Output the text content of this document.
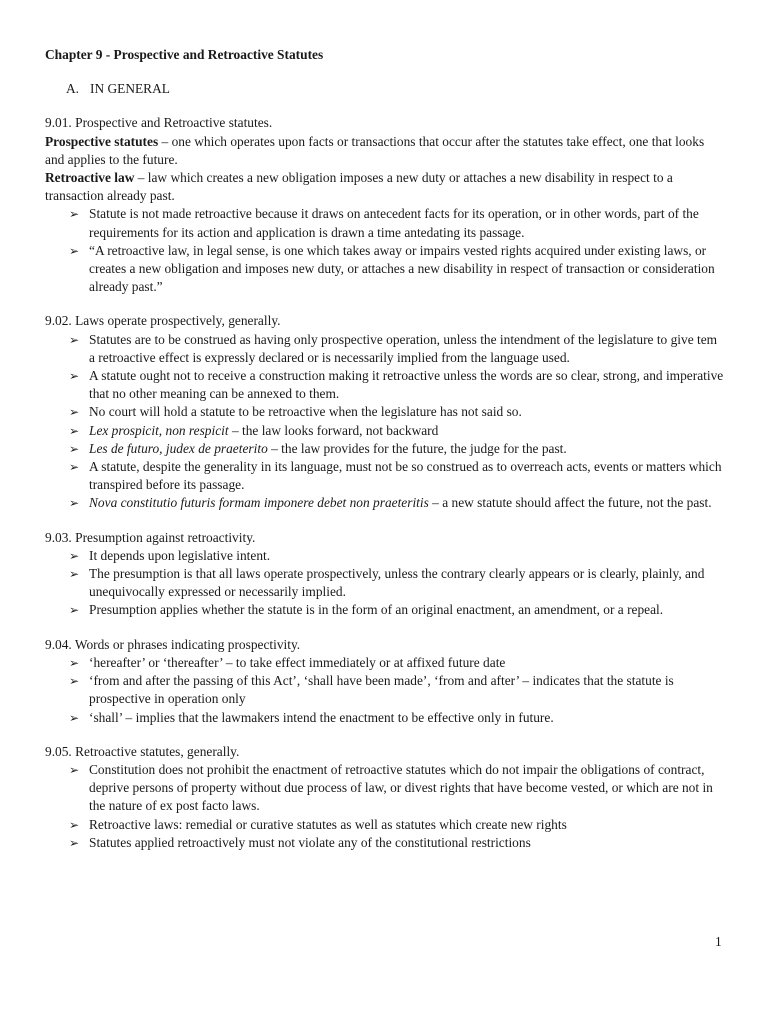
Chapter 9 - Prospective and Retroactive Statutes
A. IN GENERAL
9.01. Prospective and Retroactive statutes.
Prospective statutes – one which operates upon facts or transactions that occur after the statutes take effect, one that looks and applies to the future.
Retroactive law – law which creates a new obligation imposes a new duty or attaches a new disability in respect to a transaction already past.
➢ Statute is not made retroactive because it draws on antecedent facts for its operation, or in other words, part of the requirements for its action and application is drawn a time antedating its passage.
➢ “A retroactive law, in legal sense, is one which takes away or impairs vested rights acquired under existing laws, or creates a new obligation and imposes new duty, or attaches a new disability in respect of transaction or consideration already past.”
9.02. Laws operate prospectively, generally.
➢ Statutes are to be construed as having only prospective operation, unless the intendment of the legislature to give tem a retroactive effect is expressly declared or is necessarily implied from the language used.
➢ A statute ought not to receive a construction making it retroactive unless the words are so clear, strong, and imperative that no other meaning can be annexed to them.
➢ No court will hold a statute to be retroactive when the legislature has not said so.
➢ Lex prospicit, non respicit – the law looks forward, not backward
➢ Les de futuro, judex de praeterito – the law provides for the future, the judge for the past.
➢ A statute, despite the generality in its language, must not be so construed as to overreach acts, events or matters which transpired before its passage.
➢ Nova constitutio futuris formam imponere debet non praeteritis – a new statute should affect the future, not the past.
9.03. Presumption against retroactivity.
➢ It depends upon legislative intent.
➢ The presumption is that all laws operate prospectively, unless the contrary clearly appears or is clearly, plainly, and unequivocally expressed or necessarily implied.
➢ Presumption applies whether the statute is in the form of an original enactment, an amendment, or a repeal.
9.04. Words or phrases indicating prospectivity.
➢ ‘hereafter’ or ‘thereafter’ – to take effect immediately or at affixed future date
➢ ‘from and after the passing of this Act’, ‘shall have been made’, ‘from and after’ – indicates that the statute is prospective in operation only
➢ ‘shall’ – implies that the lawmakers intend the enactment to be effective only in future.
9.05. Retroactive statutes, generally.
➢ Constitution does not prohibit the enactment of retroactive statutes which do not impair the obligations of contract, deprive persons of property without due process of law, or divest rights that have become vested, or which are not in the nature of ex post facto laws.
➢ Retroactive laws: remedial or curative statutes as well as statutes which create new rights
➢ Statutes applied retroactively must not violate any of the constitutional restrictions
1
